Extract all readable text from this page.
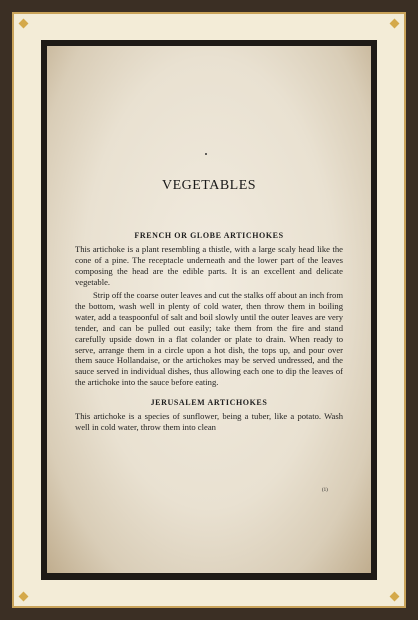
VEGETABLES
FRENCH OR GLOBE ARTICHOKES

This artichoke is a plant resembling a thistle, with a large scaly head like the cone of a pine. The receptacle underneath and the lower part of the leaves composing the head are the edible parts. It is an excellent and delicate vegetable.

Strip off the coarse outer leaves and cut the stalks off about an inch from the bottom, wash well in plenty of cold water, then throw them in boiling water, add a teaspoonful of salt and boil slowly until the outer leaves are very tender, and can be pulled out easily; take them from the fire and stand carefully upside down in a flat colander or plate to drain. When ready to serve, arrange them in a circle upon a hot dish, the tops up, and pour over them sauce Hollandaise, or the artichokes may be served undressed, and the sauce served in individual dishes, thus allowing each one to dip the leaves of the artichoke into the sauce before eating.

JERUSALEM ARTICHOKES

This artichoke is a species of sunflower, being a tuber, like a potato. Wash well in cold water, throw them into clean

(1)
